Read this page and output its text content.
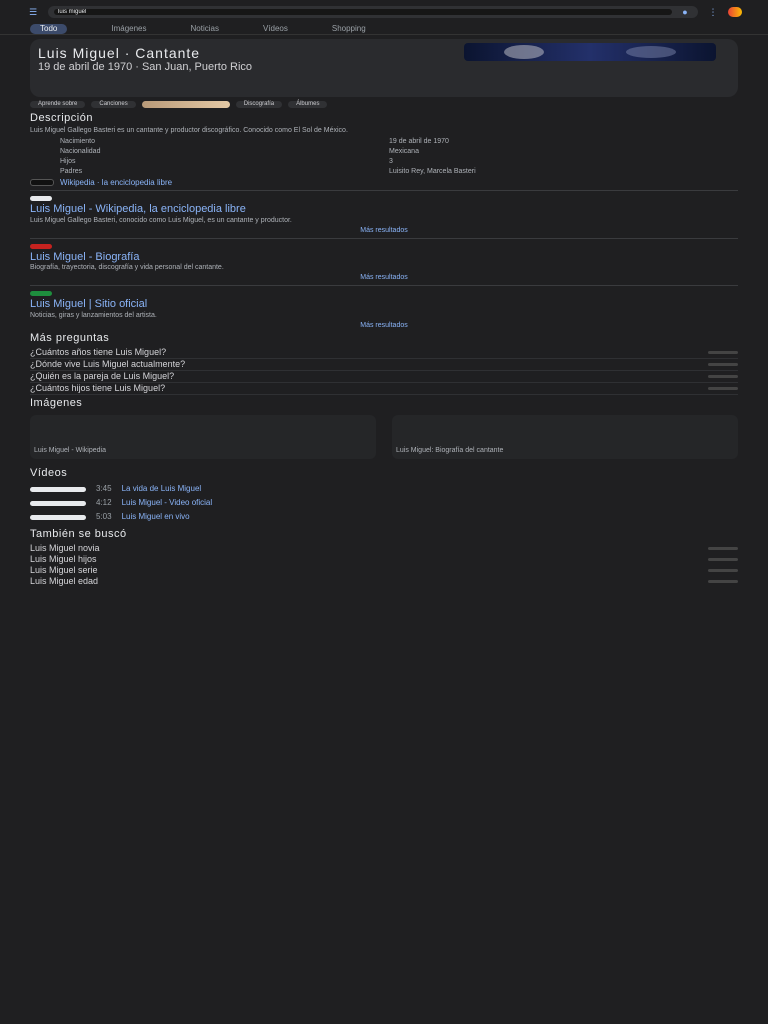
☰
luis miguel	●	⋮
Todo	Imágenes	Noticias	Vídeos	Shopping
Luis Miguel · Cantante
19 de abril de 1970 · San Juan, Puerto Rico
Aprende sobre	Canciones	Discografía	Álbumes
Descripción
Luis Miguel Gallego Basteri es un cantante y productor discográfico. Conocido como El Sol de México.
Nacimiento	19 de abril de 1970
Nacionalidad	Mexicana
Hijos	3
Padres	Luisito Rey, Marcela Basteri
Wikipedia · la enciclopedia libre
Luis Miguel - Wikipedia, la enciclopedia libre
Luis Miguel Gallego Basteri, conocido como Luis Miguel, es un cantante y productor.
Más resultados
Luis Miguel - Biografía
Biografía, trayectoria, discografía y vida personal del cantante.
Más resultados
Luis Miguel | Sitio oficial
Noticias, giras y lanzamientos del artista.
Más resultados
Más preguntas
¿Cuántos años tiene Luis Miguel?
¿Dónde vive Luis Miguel actualmente?
¿Quién es la pareja de Luis Miguel?
¿Cuántos hijos tiene Luis Miguel?
Imágenes
Luis Miguel - Wikipedia	Luis Miguel: Biografía del cantante
Vídeos
3:45 La vida de Luis Miguel
4:12 Luis Miguel - Video oficial
5:03 Luis Miguel en vivo
También se buscó
Luis Miguel novia
Luis Miguel hijos
Luis Miguel serie
Luis Miguel edad
